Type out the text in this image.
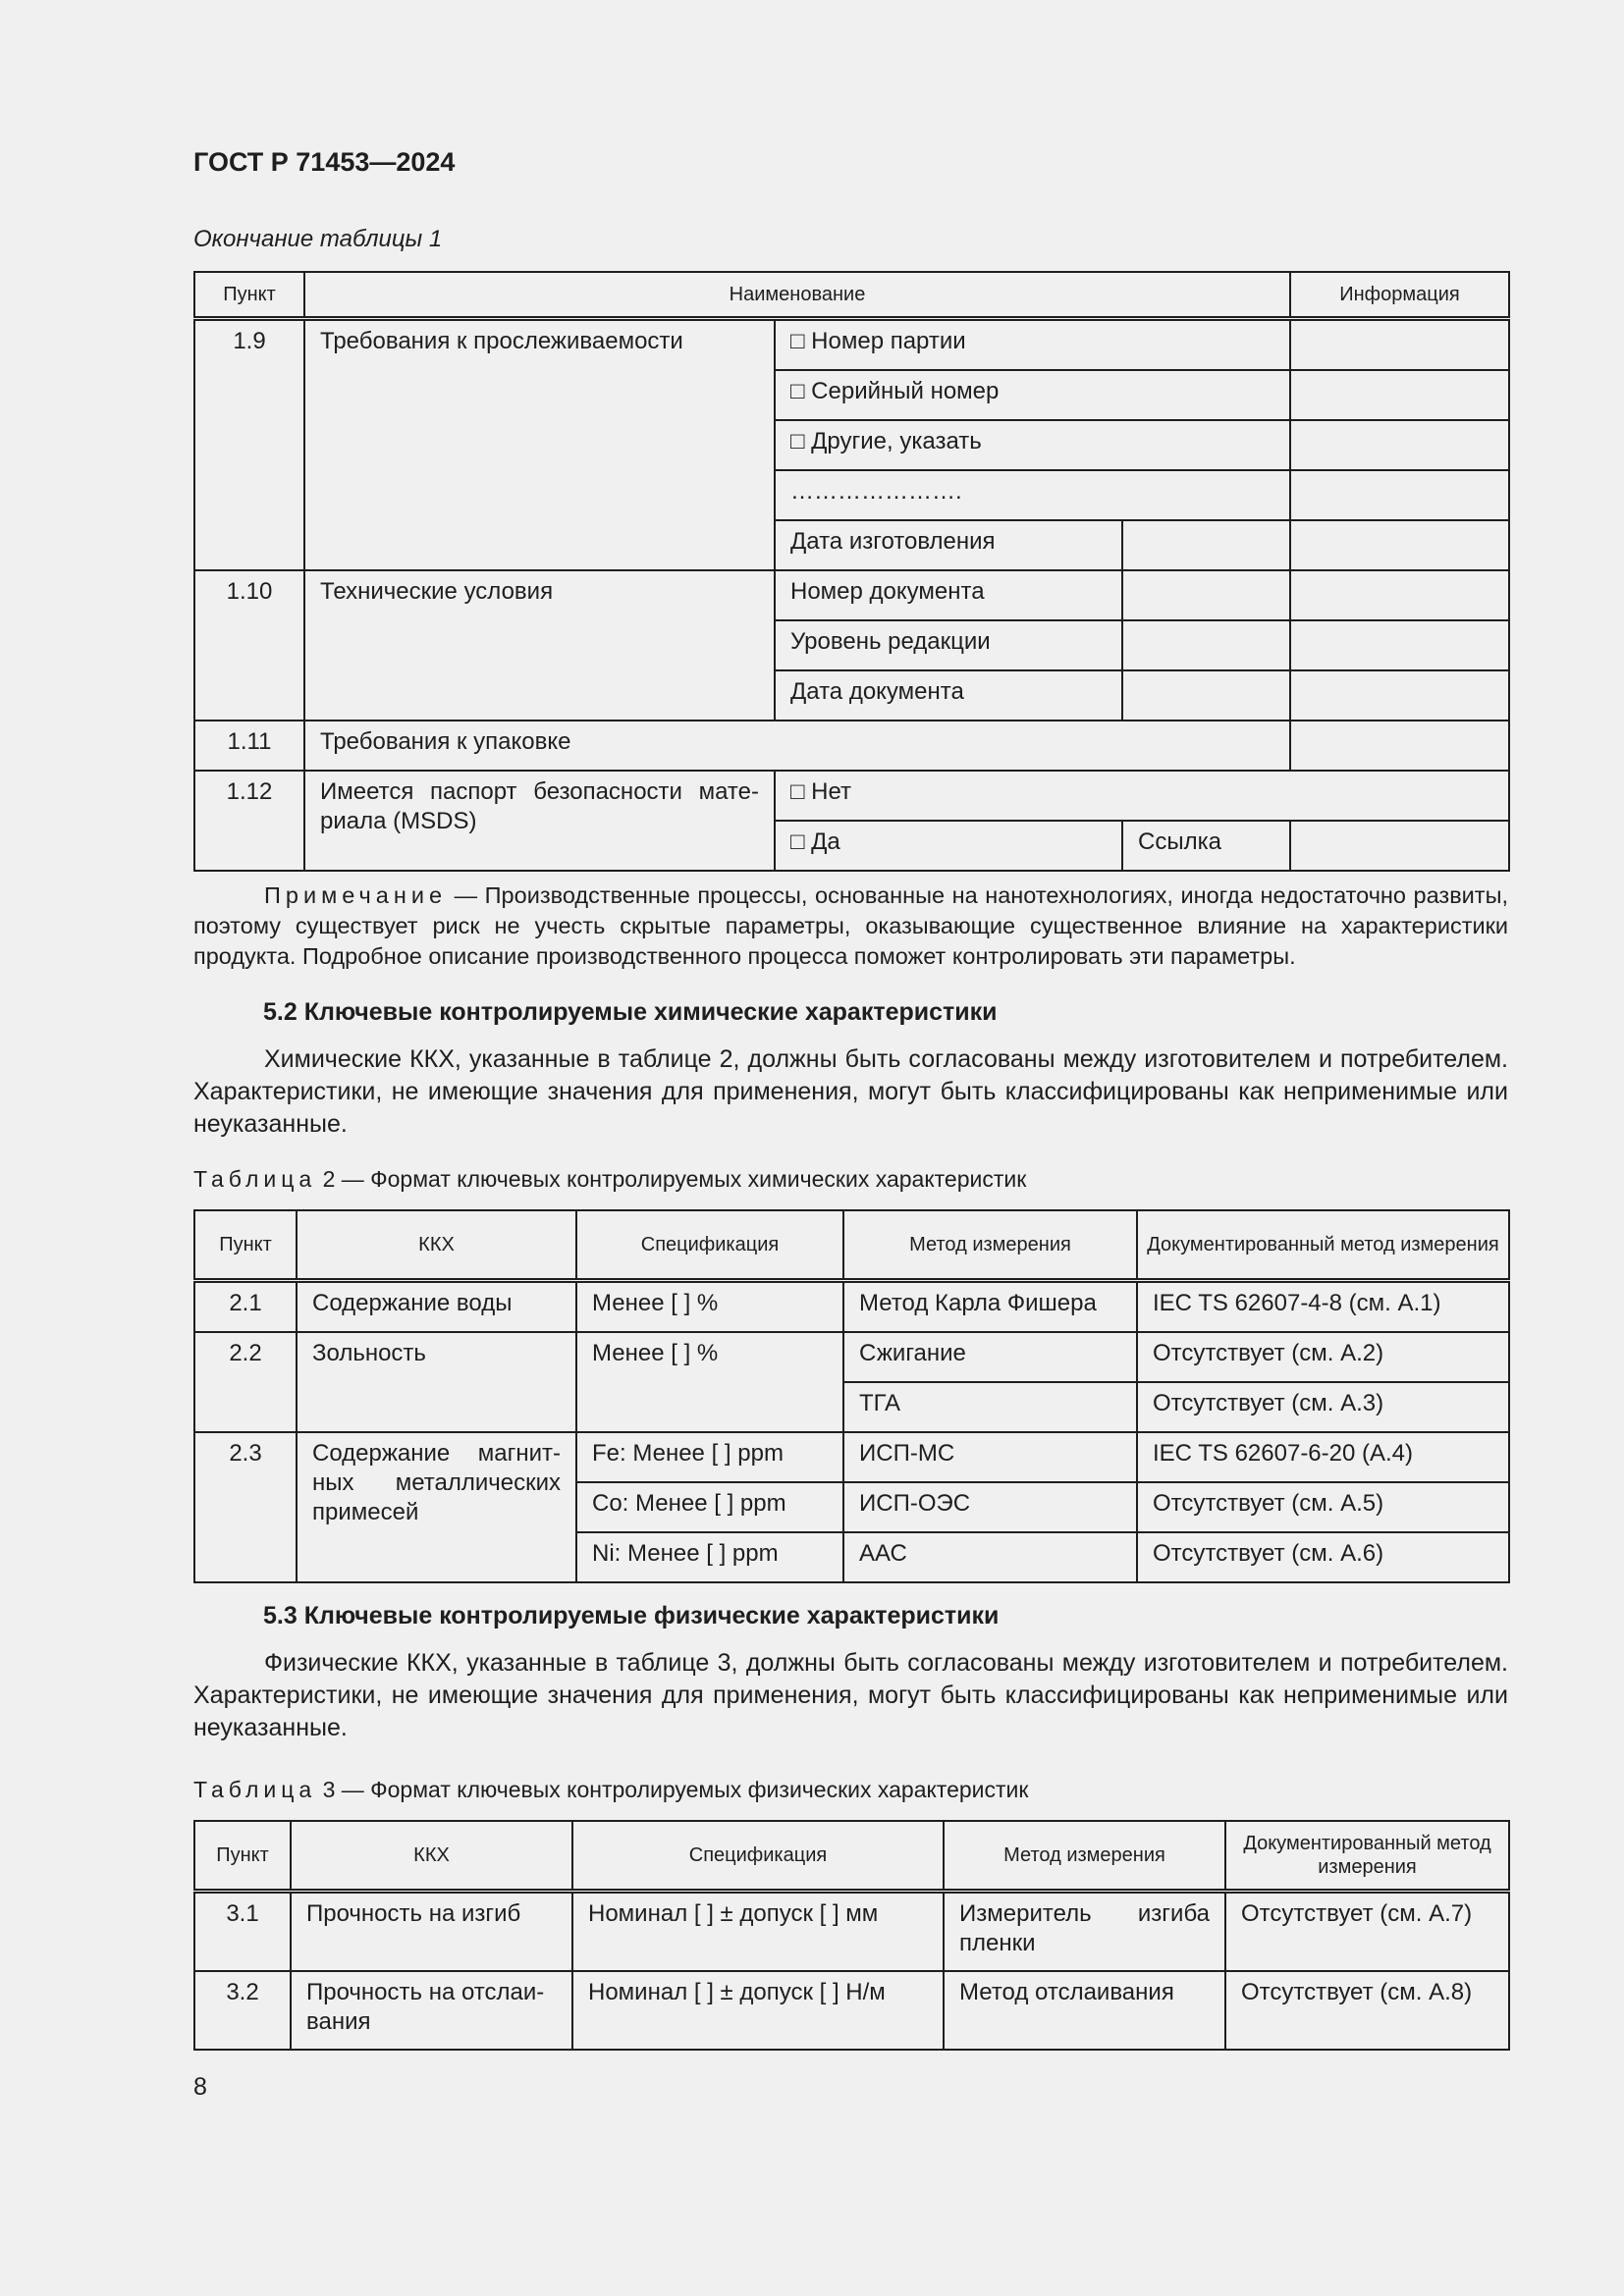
ГОСТ Р 71453—2024
Окончание таблицы 1
Пункт	Наименование			Информация
1.9	Требования к прослеживаемости	□ Номер партии		
		□ Серийный номер		
		□ Другие, указать		
		………………….		
		Дата изготовления		
1.10	Технические условия	Номер документа		
		Уровень редакции		
		Дата документа		
1.11	Требования к упаковке			
1.12	Имеется паспорт безопасности мате-
риала (MSDS)	□ Нет		
		□ Да	Ссылка	
Примечание — Производственные процессы, основанные на нанотехнологиях, иногда недостаточно развиты, поэтому существует риск не учесть скрытые параметры, оказывающие существенное влияние на характеристики продукта. Подробное описание производственного процесса поможет контролировать эти параметры.
5.2 Ключевые контролируемые химические характеристики
Химические ККХ, указанные в таблице 2, должны быть согласованы между изготовителем и потребителем. Характеристики, не имеющие значения для применения, могут быть классифицированы как неприменимые или неуказанные.
Таблица 2 — Формат ключевых контролируемых химических характеристик
Пункт	ККХ	Спецификация	Метод измерения	Документированный метод измерения
2.1	Содержание воды	Менее [ ] %	Метод Карла Фишера	IEC TS 62607-4-8 (см. А.1)
2.2	Зольность	Менее [ ] %	Сжигание	Отсутствует (см. А.2)
			ТГА	Отсутствует (см. А.3)
2.3	Содержание магнит-
ных металлических
примесей	Fe: Менее [ ] ppm	ИСП-МС	IEC TS 62607-6-20 (А.4)
		Co: Менее [ ] ppm	ИСП-ОЭС	Отсутствует (см. А.5)
		Ni: Менее [ ] ppm	ААС	Отсутствует (см. А.6)
5.3 Ключевые контролируемые физические характеристики
Физические ККХ, указанные в таблице 3, должны быть согласованы между изготовителем и потребителем. Характеристики, не имеющие значения для применения, могут быть классифицированы как неприменимые или неуказанные.
Таблица 3 — Формат ключевых контролируемых физических характеристик
Пункт	ККХ	Спецификация	Метод измерения	Документированный метод измерения
3.1	Прочность на изгиб	Номинал [ ] ± допуск [ ] мм	Измеритель изгиба
пленки	Отсутствует (см. А.7)
3.2	Прочность на отслаи-
вания	Номинал [ ] ± допуск [ ] Н/м	Метод отслаивания	Отсутствует (см. А.8)
8
